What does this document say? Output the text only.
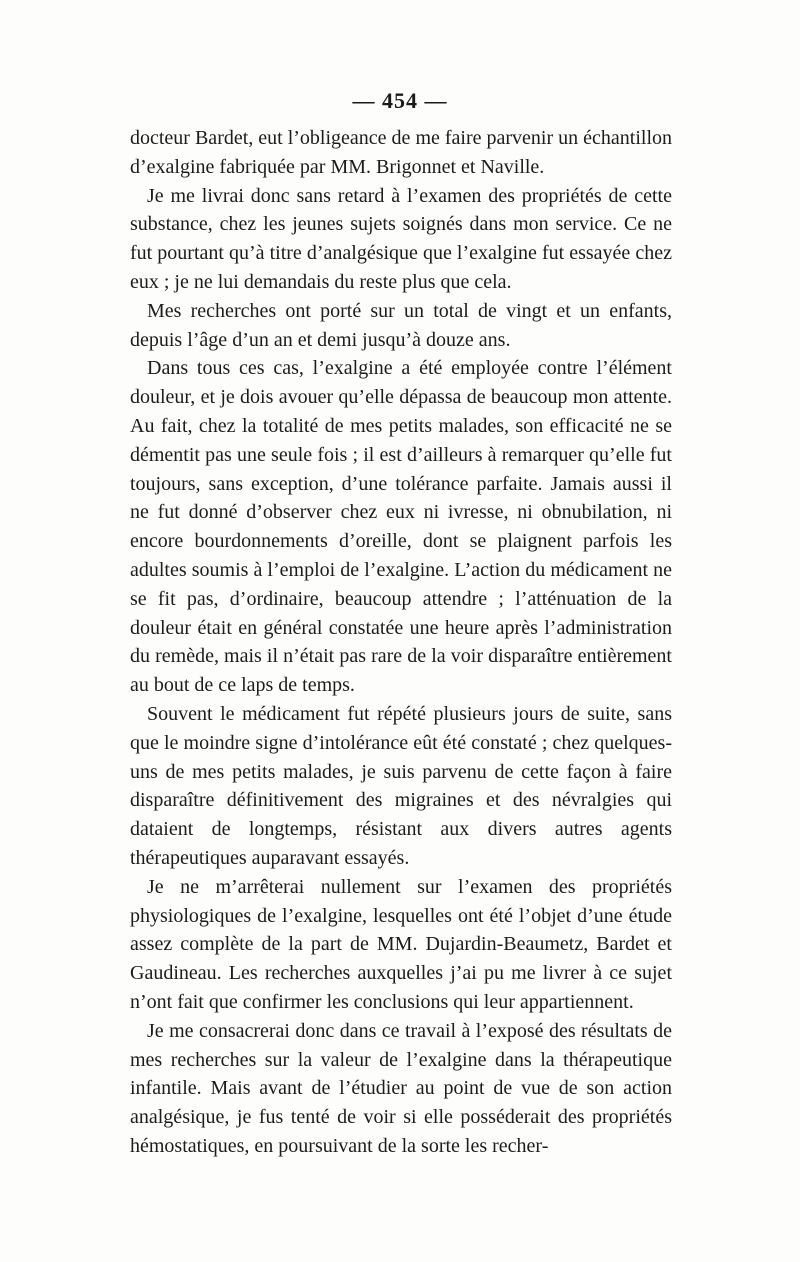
— 454 —

docteur Bardet, eut l’obligeance de me faire parvenir un échantillon d’exalgine fabriquée par MM. Brigonnet et Naville.

Je me livrai donc sans retard à l’examen des propriétés de cette substance, chez les jeunes sujets soignés dans mon service. Ce ne fut pourtant qu’à titre d’analgésique que l’exalgine fut essayée chez eux ; je ne lui demandais du reste plus que cela.

Mes recherches ont porté sur un total de vingt et un enfants, depuis l’âge d’un an et demi jusqu’à douze ans.

Dans tous ces cas, l’exalgine a été employée contre l’élément douleur, et je dois avouer qu’elle dépassa de beaucoup mon attente. Au fait, chez la totalité de mes petits malades, son efficacité ne se démentit pas une seule fois ; il est d’ailleurs à remarquer qu’elle fut toujours, sans exception, d’une tolérance parfaite. Jamais aussi il ne fut donné d’observer chez eux ni ivresse, ni obnubilation, ni encore bourdonnements d’oreille, dont se plaignent parfois les adultes soumis à l’emploi de l’exalgine. L’action du médicament ne se fit pas, d’ordinaire, beaucoup attendre ; l’atténuation de la douleur était en général constatée une heure après l’administration du remède, mais il n’était pas rare de la voir disparaître entièrement au bout de ce laps de temps.

Souvent le médicament fut répété plusieurs jours de suite, sans que le moindre signe d’intolérance eût été constaté ; chez quelques-uns de mes petits malades, je suis parvenu de cette façon à faire disparaître définitivement des migraines et des névralgies qui dataient de longtemps, résistant aux divers autres agents thérapeutiques auparavant essayés.

Je ne m’arrêterai nullement sur l’examen des propriétés physiologiques de l’exalgine, lesquelles ont été l’objet d’une étude assez complète de la part de MM. Dujardin-Beaumetz, Bardet et Gaudineau. Les recherches auxquelles j’ai pu me livrer à ce sujet n’ont fait que confirmer les conclusions qui leur appartiennent.

Je me consacrerai donc dans ce travail à l’exposé des résultats de mes recherches sur la valeur de l’exalgine dans la thérapeutique infantile. Mais avant de l’étudier au point de vue de son action analgésique, je fus tenté de voir si elle posséderait des propriétés hémostatiques, en poursuivant de la sorte les recher-
